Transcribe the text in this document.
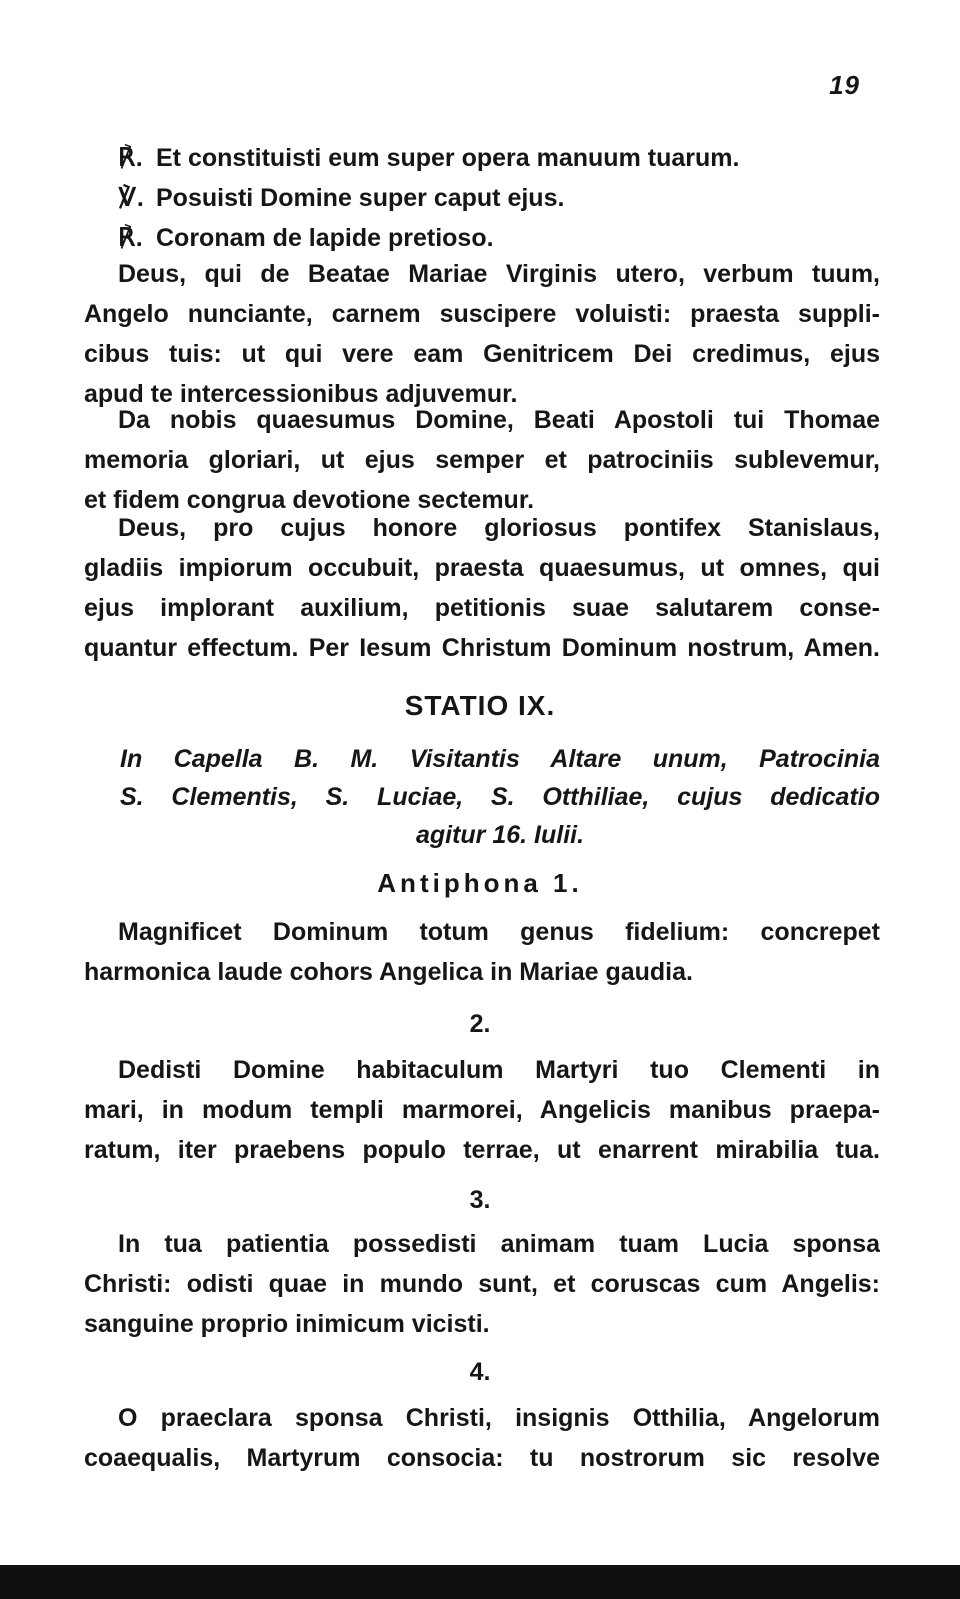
19
℟. Et constituisti eum super opera manuum tuarum.
℣. Posuisti Domine super caput ejus.
℟. Coronam de lapide pretioso.
Deus, qui de Beatae Mariae Virginis utero, verbum tuum,
Angelo nunciante, carnem suscipere voluisti: praesta suppli-
cibus tuis: ut qui vere eam Genitricem Dei credimus, ejus
apud te intercessionibus adjuvemur.
Da nobis quaesumus Domine, Beati Apostoli tui Thomae
memoria gloriari, ut ejus semper et patrociniis sublevemur,
et fidem congrua devotione sectemur.
Deus, pro cujus honore gloriosus pontifex Stanislaus,
gladiis impiorum occubuit, praesta quaesumus, ut omnes, qui
ejus implorant auxilium, petitionis suae salutarem conse-
quantur effectum. Per Iesum Christum Dominum nostrum, Amen.
STATIO IX.
In Capella B. M. Visitantis Altare unum, Patrocinia
S. Clementis, S. Luciae, S. Otthiliae, cujus dedicatio
agitur 16. Iulii.
Antiphona 1.
Magnificet Dominum totum genus fidelium: concrepet
harmonica laude cohors Angelica in Mariae gaudia.
2.
Dedisti Domine habitaculum Martyri tuo Clementi in
mari, in modum templi marmorei, Angelicis manibus praepa-
ratum, iter praebens populo terrae, ut enarrent mirabilia tua.
3.
In tua patientia possedisti animam tuam Lucia sponsa
Christi: odisti quae in mundo sunt, et coruscas cum Angelis:
sanguine proprio inimicum vicisti.
4.
O praeclara sponsa Christi, insignis Otthilia, Angelorum
coaequalis, Martyrum consocia: tu nostrorum sic resolve
